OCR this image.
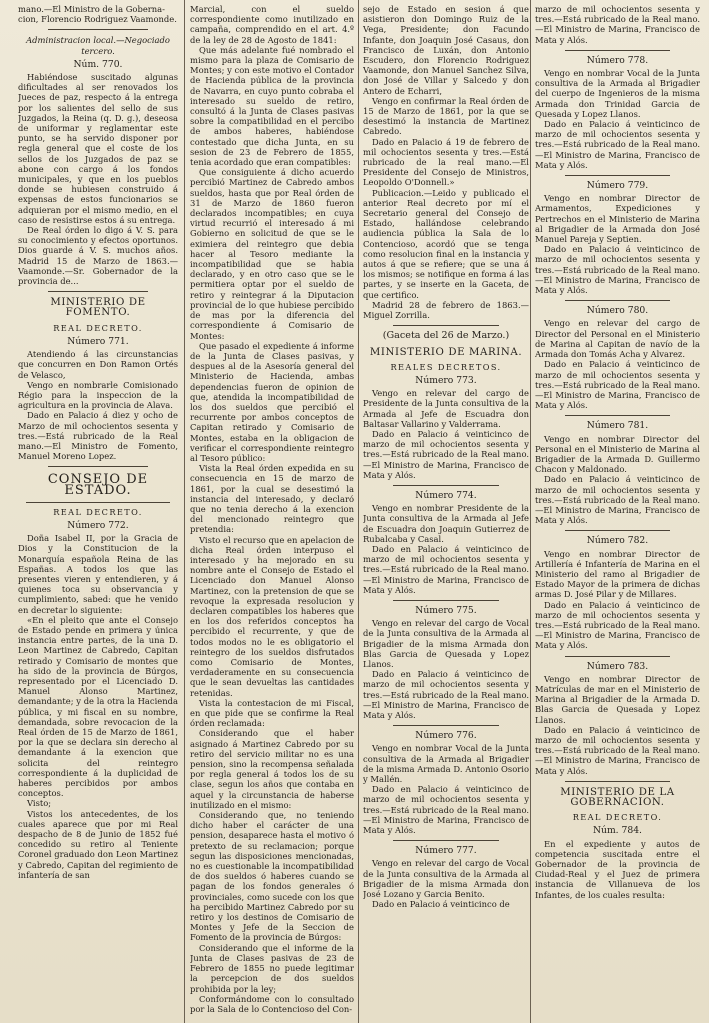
mano.—El Ministro de la Goberna-

cion, Florencio Rodriguez Vaamonde.

Administracion local.—Negociado tercero.

Núm. 770.

Habiéndose suscitado algunas dificultades al ser renovados los Jueces de paz, respecto á la entrega por los salientes del sello de sus Juzgados, la Reina (q. D. g.), deseosa de uniformar y reglamentar este punto, se ha servido disponer por regla general que el coste de los sellos de los Juzgados de paz se abone con cargo á los fondos municipales, y que en los pueblos donde se hubiesen construido á expensas de estos funcionarios se adquieran por el mismo medio, en el caso de resistirse estos á su entrega.

De Real órden lo digo á V. S. para su conocimiento y efectos oportunos. Dios guarde á V. S. muchos años. Madrid 15 de Marzo de 1863.—Vaamonde.—Sr. Gobernador de la provincia de...

MINISTERIO DE FOMENTO.

REAL DECRETO.

Número 771.

Atendiendo á las circunstancias que concurren en Don Ramon Ortés de Velasco,

Vengo en nombrarle Comisionado Régio para la inspeccion de la agricultura en la provincia de Alava.

Dado en Palacio á diez y ocho de Marzo de mil ochocientos sesenta y tres.—Está rubricado de la Real mano.—El Ministro de Fomento, Manuel Moreno Lopez.

CONSEJO DE ESTADO.

REAL DECRETO.

Número 772.

Doña Isabel II, por la Gracia de Dios y la Constitucion de la Monarquía española Reina de las Españas. A todos los que las presentes vieren y entendieren, y á quienes toca su observancia y cumplimiento, sabed: que he venido en decretar lo siguiente:

«En el pleito que ante el Consejo de Estado pende en primera y única instancia entre partes, de la una D. Leon Martinez de Cabredo, Capitan retirado y Comisario de montes que ha sido de la provincia de Búrgos, representado por el Licenciado D. Manuel Alonso Martinez, demandante; y de la otra la Hacienda pública, y mi fiscal en su nombre, demandada, sobre revocacion de la Real órden de 15 de Marzo de 1861, por la que se declara sin derecho al demandante á la exencion que solicita del reintegro correspondiente á la duplicidad de haberes percibidos por ambos conceptos.

Visto;

Vistos los antecedentes, de los cuales aparece que por mi Real despacho de 8 de Junio de 1852 fué concedido su retiro al Teniente Coronel graduado don Leon Martinez y Cabredo, Capitan del regimiento de infantería de san

Marcial, con el sueldo correspondiente como inutilizado en campaña, comprendido en el art. 4.º de la ley de 28 de Agosto de 1841:

Que más adelante fué nombrado el mismo para la plaza de Comisario de Montes; y con este motivo el Contador de Hacienda pública de la provincia de Navarra, en cuyo punto cobraba el interesado su sueldo de retiro, consultó á la Junta de Clases pasivas sobre la compatibilidad en el percibo de ambos haberes, habiéndose contestado que dicha Junta, en su sesion de 23 de Febrero de 1855, tenia acordado que eran compatibles:

Que consiguiente á dicho acuerdo percibió Martinez de Cabredo ambos sueldos, hasta que por Real órden de 31 de Marzo de 1860 fueron declarados incompatibles; en cuya virtud recurrió el interesado á mi Gobierno en solicitud de que se le eximiera del reintegro que debia hacer al Tesoro mediante la incompatibilidad que se habia declarado, y en otro caso que se le permitiera optar por el sueldo de retiro y reintegrar á la Diputacion provincial de lo que hubiese percibido de mas por la diferencia del correspondiente á Comisario de Montes:

Que pasado el expediente á informe de la Junta de Clases pasivas, y despues al de la Asesoría general del Ministerio de Hacienda, ambas dependencias fueron de opinion de que, atendida la incompatibilidad de los dos sueldos que percibió el recurrente por ambos conceptos de Capitan retirado y Comisario de Montes, estaba en la obligacion de verificar el correspondiente reintegro al Tesoro público:

Vista la Real órden expedida en su consecuencia en 15 de marzo de 1861, por la cual se desestimó la instancia del interesado, y declaró que no tenia derecho á la exencion del mencionado reintegro que pretendia:

Visto el recurso que en apelacion de dicha Real órden interpuso el interesado y ha mejorado en su nombre ante el Consejo de Estado el Licenciado don Manuel Alonso Martinez, con la pretension de que se revoque la expresada resolucion y declaren compatibles los haberes que en los dos referidos conceptos ha percibido el recurrente, y que de todos modos no le es obligatorio el reintegro de los sueldos disfrutados como Comisario de Montes, verdaderamente en su consecuencia que le sean devueltas las cantidades retenidas.

Vista la contestacion de mi Fiscal, en que pide que se confirme la Real órden reclamada:

Considerando que el haber asignado á Martinez Cabredo por su retiro del servicio militar no es una pension, sino la recompensa señalada por regla general á todos los de su clase, segun los años que contaba en aquel y la circunstancia de haberse inutilizado en el mismo:

Considerando que, no teniendo dicho haber el carácter de una pension, desaparece hasta el motivo ó pretexto de su reclamacion; porque segun las disposiciones mencionadas, no es cuestionable la incompatibilidad de dos sueldos ó haberes cuando se pagan de los fondos generales ó provinciales, como sucede con los que ha percibido Martinez Cabredo por su retiro y los destinos de Comisario de Montes y Jefe de la Seccion de Fomento de la provincia de Búrgos:

Considerando que el informe de la Junta de Clases pasivas de 23 de Febrero de 1855 no puede legitimar la percepcion de dos sueldos prohibida por la ley;

Conformándome con lo consultado por la Sala de lo Contencioso del Con-

sejo de Estado en sesion á que asistieron don Domingo Ruiz de la Vega, Presidente; don Facundo Infante, don Joaquin José Casaus, don Francisco de Luxán, don Antonio Escudero, don Florencio Rodriguez Vaamonde, don Manuel Sanchez Silva, don José de Villar y Salcedo y don Antero de Echarri,

Vengo en confirmar la Real órden de 15 de Marzo de 1861, por la que se desestimó la instancia de Martinez Cabredo.

Dado en Palacio á 19 de febrero de mil ochocientos sesenta y tres.—Está rubricado de la real mano.—El Presidente del Consejo de Ministros, Leopoldo O'Donnell.»

Publicacion.—Leido y publicado el anterior Real decreto por mí el Secretario general del Consejo de Estado, hallándose celebrando audiencia pública la Sala de lo Contencioso, acordó que se tenga como resolucion final en la instancia y autos á que se refiere; que se una á los mismos; se notifique en forma á las partes, y se inserte en la Gaceta, de que certifico.

Madrid 28 de febrero de 1863.— Miguel Zorrilla.

(Gaceta del 26 de Marzo.)

MINISTERIO DE MARINA.

REALES DECRETOS.

Número 773.

Vengo en relevar del cargo de Presidente de la Junta consultiva de la Armada al Jefe de Escuadra don Baltasar Vallarino y Valderrama.

Dado en Palacio á veinticinco de marzo de mil ochocientos sesenta y tres.—Está rubricado de la Real mano.—El Ministro de Marina, Francisco de Mata y Alós.

Número 774.

Vengo en nombrar Presidente de la Junta consultiva de la Armada al Jefe de Escuadra don Joaquin Gutierrez de Rubalcaba y Casal.

Dado en Palacio á veinticinco de marzo de mil ochocientos sesenta y tres.—Está rubricado de la Real mano.—El Ministro de Marina, Francisco de Mata y Alós.

Número 775.

Vengo en relevar del cargo de Vocal de la Junta consultiva de la Armada al Brigadier de la misma Armada don Blas Garcia de Quesada y Lopez Llanos.

Dado en Palacio á veinticinco de marzo de mil ochocientos sesenta y tres.—Está rubricado de la Real mano.—El Ministro de Marina, Francisco de Mata y Alós.

Número 776.

Vengo en nombrar Vocal de la Junta consultiva de la Armada al Brigadier de la misma Armada D. Antonio Osorio y Mallén.

Dado en Palacio á veinticinco de marzo de mil ochocientos sesenta y tres.—Está rubricado de la Real mano.—El Ministro de Marina, Francisco de Mata y Alós.

Número 777.

Vengo en relevar del cargo de Vocal de la Junta consultiva de la Armada al Brigadier de la misma Armada don José Lozano y Garcia Benito.

Dado en Palacio á veinticinco de

marzo de mil ochocientos sesenta y tres.—Está rubricado de la Real mano.—El Ministro de Marina, Francisco de Mata y Alós.

Número 778.

Vengo en nombrar Vocal de la Junta consultiva de la Armada al Brigadier del cuerpo de Ingenieros de la misma Armada don Trinidad Garcia de Quesada y Lopez Llanos.

Dado en Palacio á veinticinco de marzo de mil ochocientos sesenta y tres.—Está rubricado de la Real mano.—El Ministro de Marina, Francisco de Mata y Alós.

Número 779.

Vengo en nombrar Director de Armamentos, Expediciones y Pertrechos en el Ministerio de Marina al Brigadier de la Armada don José Manuel Pareja y Septien.

Dado en Palacio á veinticinco de marzo de mil ochocientos sesenta y tres.—Está rubricado de la Real mano.—El Ministro de Marina, Francisco de Mata y Alós.

Número 780.

Vengo en relevar del cargo de Director del Personal en el Ministerio de Marina al Capitan de navío de la Armada don Tomás Acha y Alvarez.

Dado en Palacio á veinticinco de marzo de mil ochocientos sesenta y tres.—Está rubricado de la Real mano.—El Ministro de Marina, Francisco de Mata y Alós.

Número 781.

Vengo en nombrar Director del Personal en el Ministerio de Marina al Brigadier de la Armada D. Guillermo Chacon y Maldonado.

Dado en Palacio á veinticinco de marzo de mil ochocientos sesenta y tres.—Está rubricado de la Real mano.—El Ministro de Marina, Francisco de Mata y Alós.

Número 782.

Vengo en nombrar Director de Artillería é Infantería de Marina en el Ministerio del ramo al Brigadier de Estado Mayor de la primera de dichas armas D. José Pilar y de Millares.

Dado en Palacio á veinticinco de marzo de mil ochocientos sesenta y tres.—Está rubricado de la Real mano.—El Ministro de Marina, Francisco de Mata y Alós.

Número 783.

Vengo en nombrar Director de Matrículas de mar en el Ministerio de Marina al Brigadier de la Armada D. Blas Garcia de Quesada y Lopez Llanos.

Dado en Palacio á veinticinco de marzo de mil ochocientos sesenta y tres.—Está rubricado de la Real mano.—El Ministro de Marina, Francisco de Mata y Alós.

MINISTERIO DE LA GOBERNACION.

REAL DECRETO.

Núm. 784.

En el expediente y autos de competencia suscitada entre el Gobernador de la provincia de Ciudad-Real y el Juez de primera instancia de Villanueva de los Infantes, de los cuales resulta:
